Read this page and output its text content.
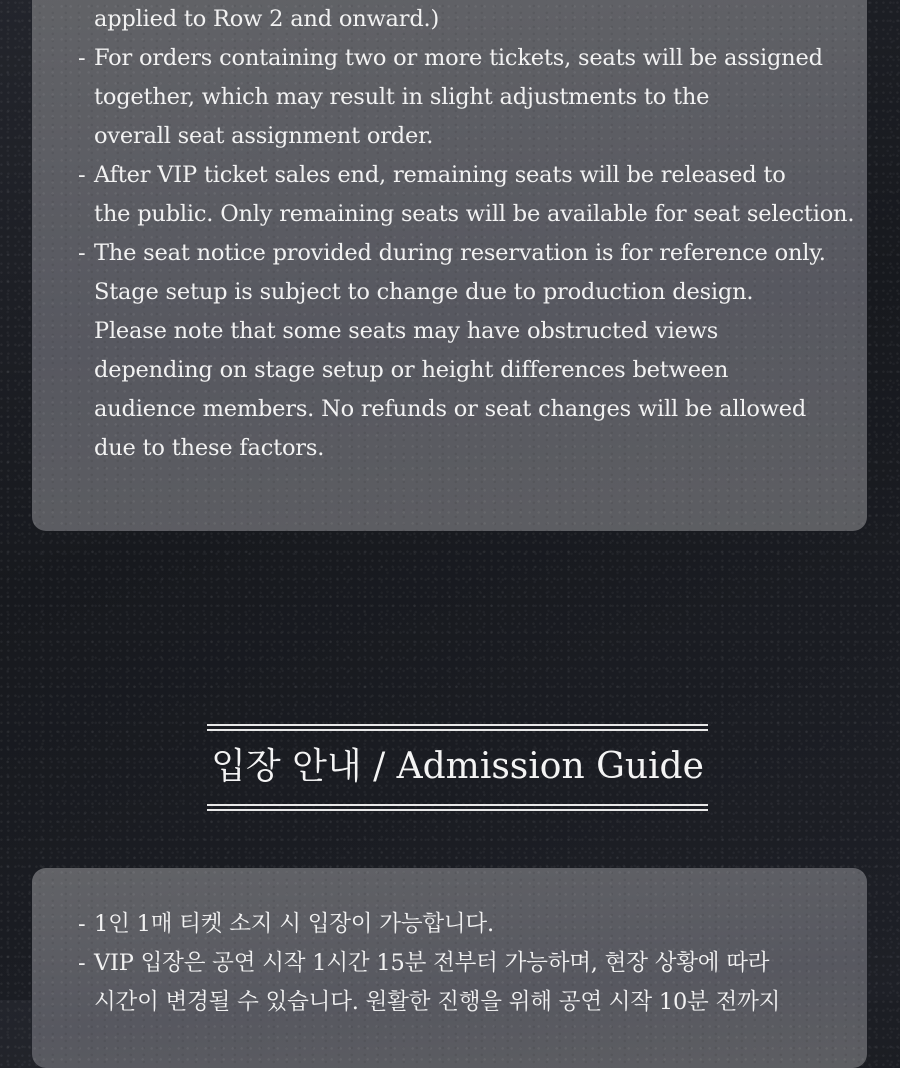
applied to Row 2 and onward.)
- For orders containing two or more tickets, seats will be assigned
together, which may result in slight adjustments to the
overall seat assignment order.
- After VIP ticket sales end, remaining seats will be released to
the public. Only remaining seats will be available for seat selection.
- The seat notice provided during reservation is for reference only.
Stage setup is subject to change due to production design.
Please note that some seats may have obstructed views
depending on stage setup or height differences between
audience members. No refunds or seat changes will be allowed
due to these factors.
입장 안내 / Admission Guide
- 1인 1매 티켓 소지 시 입장이 가능합니다.
- VIP 입장은 공연 시작 1시간 15분 전부터 가능하며, 현장 상황에 따라
시간이 변경될 수 있습니다. 원활한 진행을 위해 공연 시작 10분 전까지
